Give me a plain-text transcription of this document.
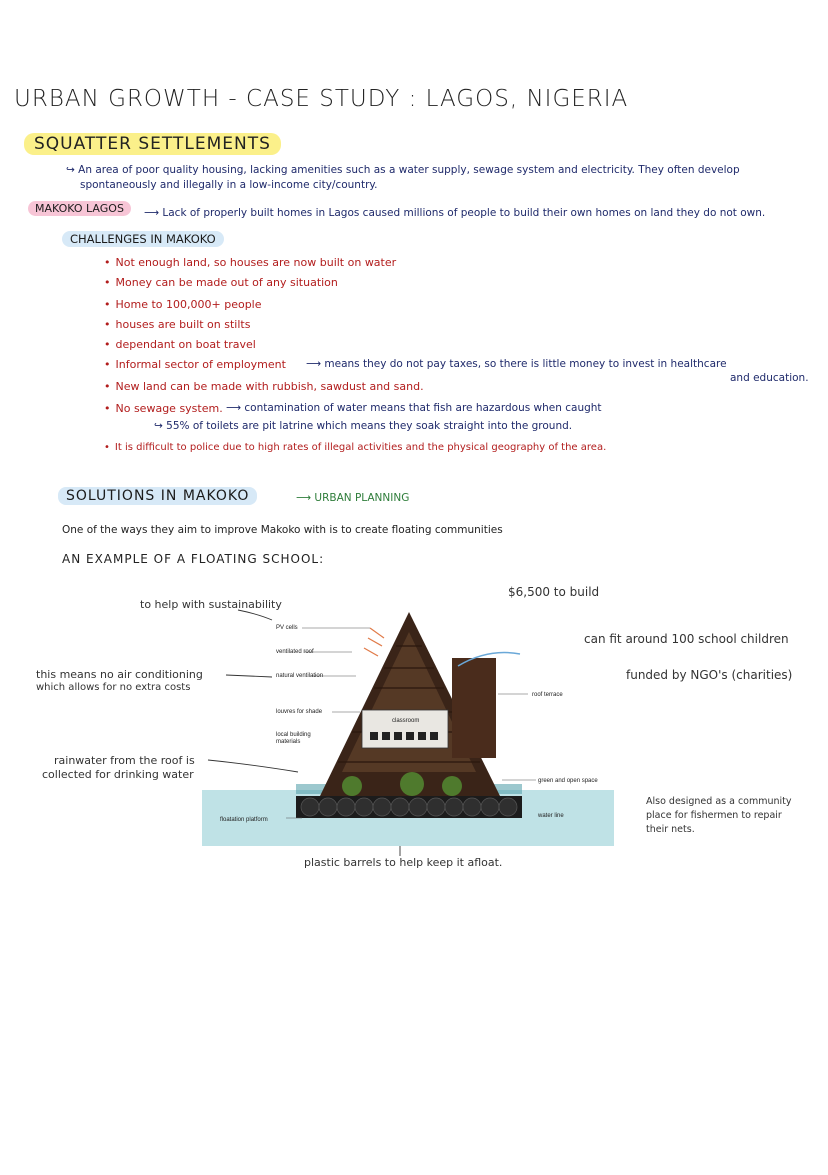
URBAN GROWTH - CASE STUDY : LAGOS, NIGERIA
SQUATTER SETTLEMENTS
↪ An area of poor quality housing, lacking amenities such as a water supply, sewage system and electricity. They often develop
spontaneously and illegally in a low-income city/country.
MAKOKO LAGOS	⟶ Lack of properly built homes in Lagos caused millions of people to build their own homes on land they do not own.
CHALLENGES IN MAKOKO
• Not enough land, so houses are now built on water
• Money can be made out of any situation
• Home to 100,000+ people
• houses are built on stilts
• dependant on boat travel
• Informal sector of employment
• New land can be made with rubbish, sawdust and sand.
• No sewage system.
• It is difficult to police due to high rates of illegal activities and the physical geography of the area.
⟶ means they do not pay taxes, so there is little money to invest in healthcare
and education.
⟶ contamination of water means that fish are hazardous when caught
↪ 55% of toilets are pit latrine which means they soak straight into the ground.
SOLUTIONS IN MAKOKO	⟶ URBAN PLANNING
One of the ways they aim to improve Makoko with is to create floating communities
AN EXAMPLE OF A FLOATING SCHOOL:
to help with sustainability
$6,500 to build
can fit around 100 school children
funded by NGO's (charities)
this means no air conditioning
which allows for no extra costs
rainwater from the roof is
collected for drinking water
Also designed as a community
place for fishermen to repair
their nets.
plastic barrels to help keep it afloat.
PV cells
ventilated roof
natural ventilation
louvres for shade
local building
materials
classroom
roof terrace
green and open space
water line
floatation platform
